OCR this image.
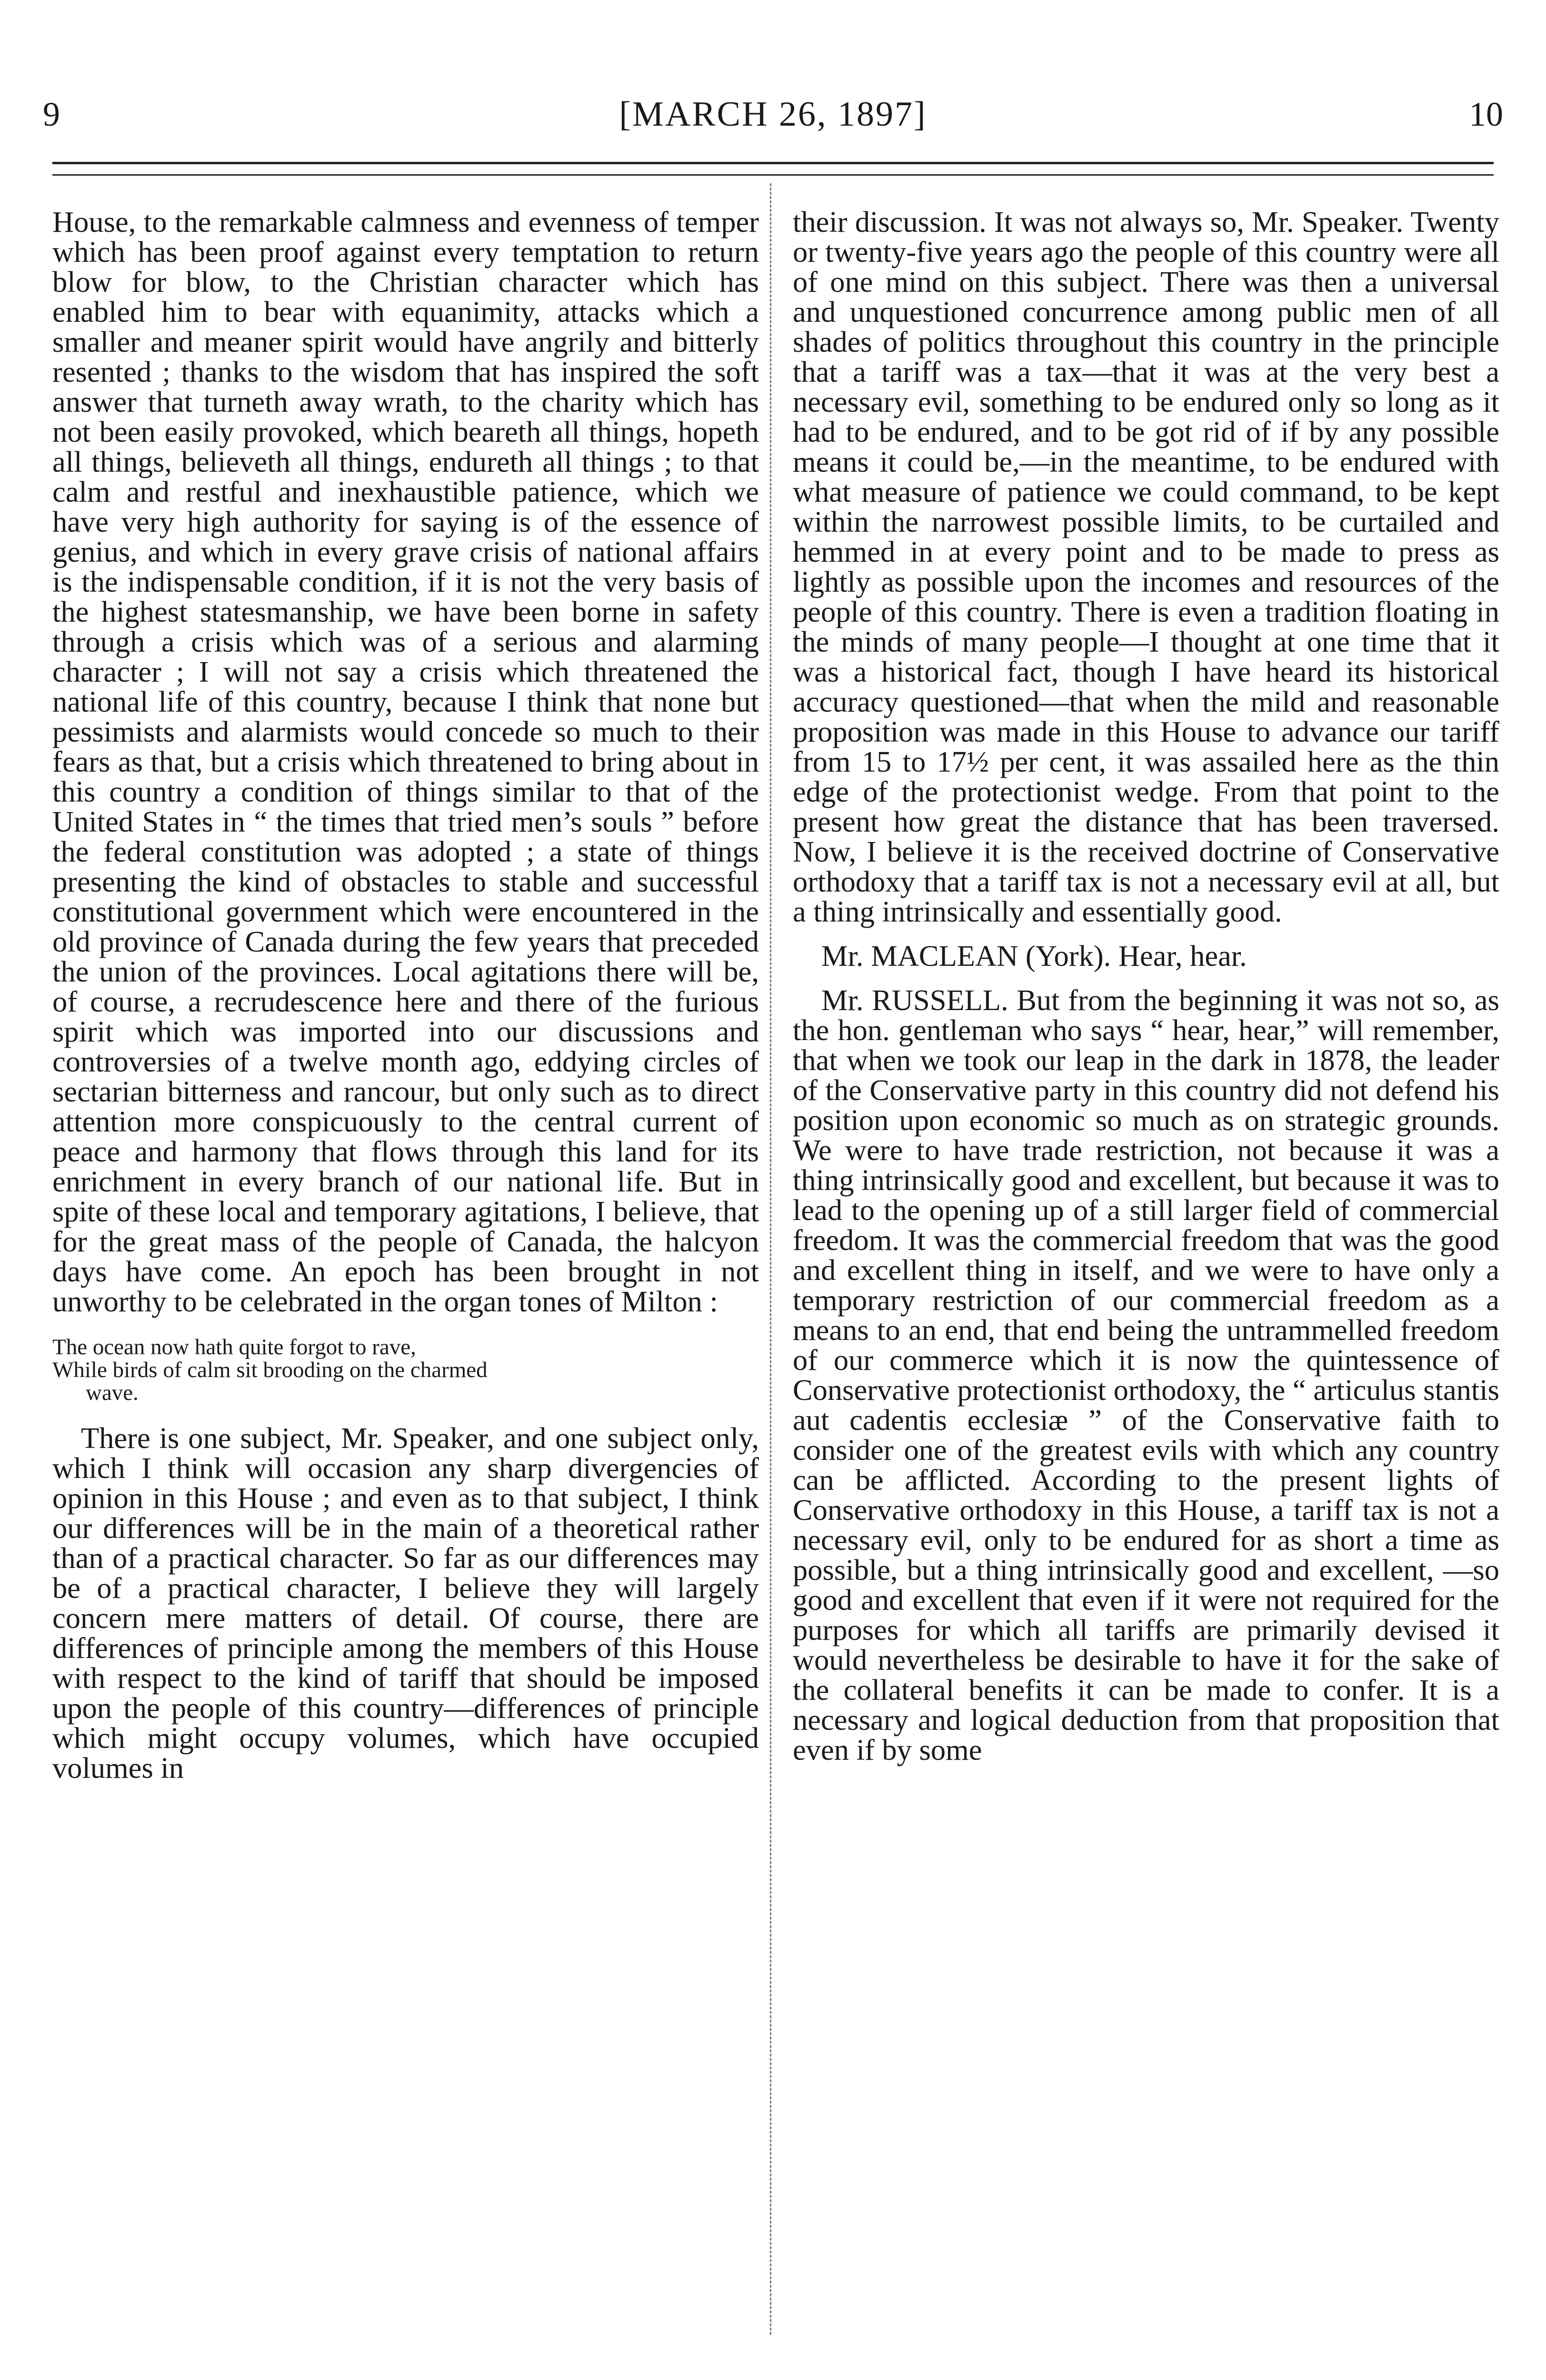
9	[MARCH 26, 1897]	10

House, to the remarkable calmness and evenness of temper which has been proof against every temptation to return blow for blow, to the Christian character which has enabled him to bear with equanimity, attacks which a smaller and meaner spirit would have angrily and bitterly resented ; thanks to the wisdom that has inspired the soft answer that turneth away wrath, to the charity which has not been easily provoked, which beareth all things, hopeth all things, believeth all things, endureth all things ; to that calm and restful and inexhaustible patience, which we have very high authority for saying is of the essence of genius, and which in every grave crisis of national affairs is the indispensable condition, if it is not the very basis of the highest statesmanship, we have been borne in safety through a crisis which was of a serious and alarming character ; I will not say a crisis which threatened the national life of this country, because I think that none but pessimists and alarmists would concede so much to their fears as that, but a crisis which threatened to bring about in this country a condition of things similar to that of the United States in “ the times that tried men’s souls ” before the federal constitution was adopted ; a state of things presenting the kind of obstacles to stable and successful constitutional government which were encountered in the old province of Canada during the few years that preceded the union of the provinces. Local agitations there will be, of course, a recrudescence here and there of the furious spirit which was imported into our discussions and controversies of a twelve month ago, eddying circles of sectarian bitterness and rancour, but only such as to direct attention more conspicuously to the central current of peace and harmony that flows through this land for its enrichment in every branch of our national life. But in spite of these local and temporary agitations, I believe, that for the great mass of the people of Canada, the halcyon days have come. An epoch has been brought in not unworthy to be celebrated in the organ tones of Milton :

The ocean now hath quite forgot to rave,
While birds of calm sit brooding on the charmed
wave.

There is one subject, Mr. Speaker, and one subject only, which I think will occasion any sharp divergencies of opinion in this House ; and even as to that subject, I think our differences will be in the main of a theoretical rather than of a practical character. So far as our differences may be of a practical character, I believe they will largely concern mere matters of detail. Of course, there are differences of principle among the members of this House with respect to the kind of tariff that should be imposed upon the people of this country—differences of principle which might occupy volumes, which have occupied volumes in

their discussion. It was not always so, Mr. Speaker. Twenty or twenty-five years ago the people of this country were all of one mind on this subject. There was then a universal and unquestioned concurrence among public men of all shades of politics throughout this country in the principle that a tariff was a tax—that it was at the very best a necessary evil, something to be endured only so long as it had to be endured, and to be got rid of if by any possible means it could be,—in the meantime, to be endured with what measure of patience we could command, to be kept within the narrowest possible limits, to be curtailed and hemmed in at every point and to be made to press as lightly as possible upon the incomes and resources of the people of this country. There is even a tradition floating in the minds of many people—I thought at one time that it was a historical fact, though I have heard its historical accuracy questioned—that when the mild and reasonable proposition was made in this House to advance our tariff from 15 to 17½ per cent, it was assailed here as the thin edge of the protectionist wedge. From that point to the present how great the distance that has been traversed. Now, I believe it is the received doctrine of Conservative orthodoxy that a tariff tax is not a necessary evil at all, but a thing intrinsically and essentially good.

Mr. MACLEAN (York). Hear, hear.

Mr. RUSSELL. But from the beginning it was not so, as the hon. gentleman who says “ hear, hear,” will remember, that when we took our leap in the dark in 1878, the leader of the Conservative party in this country did not defend his position upon economic so much as on strategic grounds. We were to have trade restriction, not because it was a thing intrinsically good and excellent, but because it was to lead to the opening up of a still larger field of commercial freedom. It was the commercial freedom that was the good and excellent thing in itself, and we were to have only a temporary restriction of our commercial freedom as a means to an end, that end being the untrammelled freedom of our commerce which it is now the quintessence of Conservative protectionist orthodoxy, the “ articulus stantis aut cadentis ecclesiæ ” of the Conservative faith to consider one of the greatest evils with which any country can be afflicted. According to the present lights of Conservative orthodoxy in this House, a tariff tax is not a necessary evil, only to be endured for as short a time as possible, but a thing intrinsically good and excellent, —so good and excellent that even if it were not required for the purposes for which all tariffs are primarily devised it would nevertheless be desirable to have it for the sake of the collateral benefits it can be made to confer. It is a necessary and logical deduction from that proposition that even if by some
